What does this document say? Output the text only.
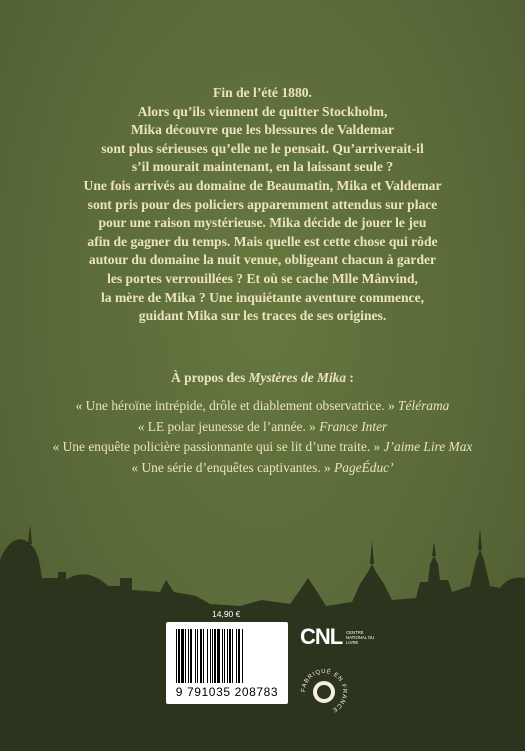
Fin de l’été 1880.

Alors qu’ils viennent de quitter Stockholm,

Mika découvre que les blessures de Valdemar

sont plus sérieuses qu’elle ne le pensait. Qu’arriverait-il

s’il mourait maintenant, en la laissant seule ?

Une fois arrivés au domaine de Beaumatin, Mika et Valdemar

sont pris pour des policiers apparemment attendus sur place

pour une raison mystérieuse. Mika décide de jouer le jeu

afin de gagner du temps. Mais quelle est cette chose qui rôde

autour du domaine la nuit venue, obligeant chacun à garder

les portes verrouillées ? Et où se cache Mlle Mânvind,

la mère de Mika ? Une inquiétante aventure commence,

guidant Mika sur les traces de ses origines.

À propos des Mystères de Mika :

« Une héroïne intrépide, drôle et diablement observatrice. » Télérama

« LE polar jeunesse de l’année. » France Inter

« Une enquête policière passionnante qui se lit d’une traite. » J’aime Lire Max

« Une série d’enquêtes captivantes. » PageÉduc’

14,90 €
9 791035 208783
CNL CENTRE NATIONAL DU LIVRE
FABRIQUÉ EN FRANCE
